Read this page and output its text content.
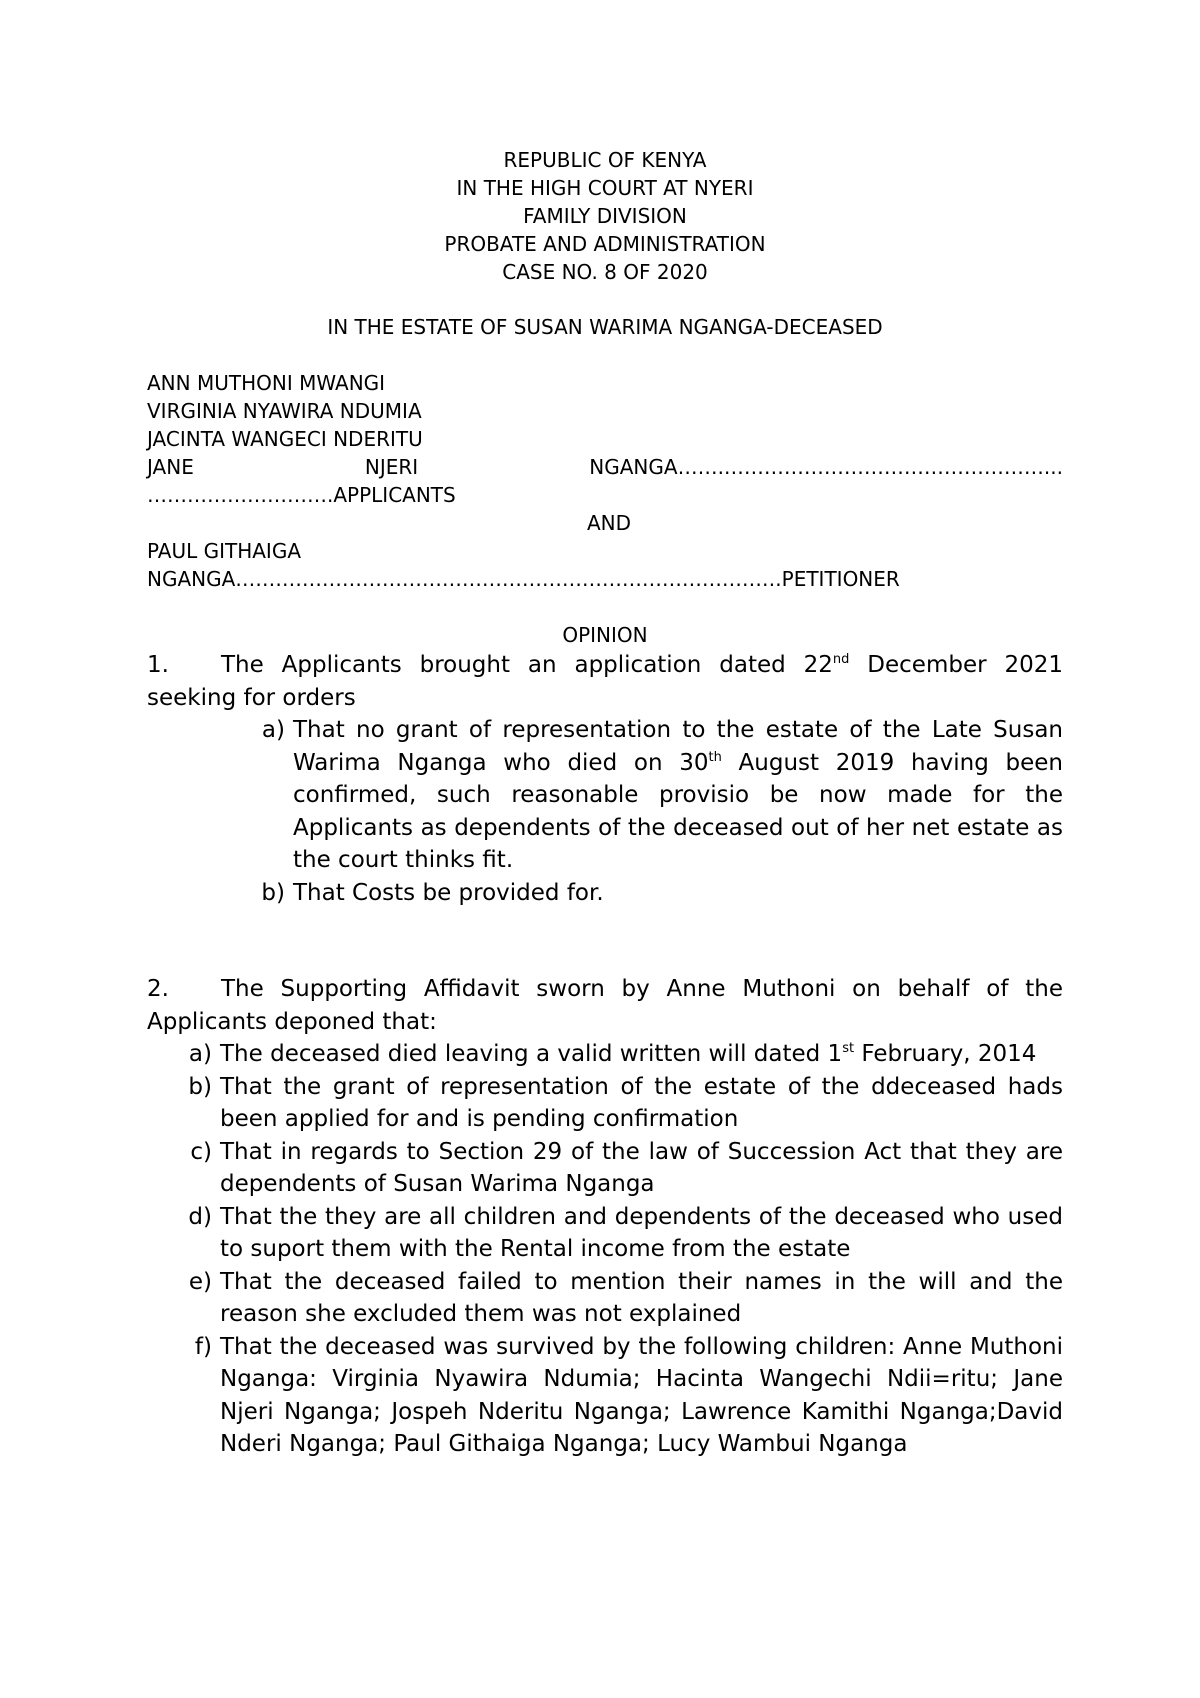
REPUBLIC OF KENYA
IN THE HIGH COURT AT NYERI
FAMILY DIVISION
PROBATE AND ADMINISTRATION
CASE NO. 8 OF 2020
IN THE ESTATE OF SUSAN WARIMA NGANGA-DECEASED
ANN MUTHONI MWANGI
VIRGINIA NYAWIRA NDUMIA
JACINTA WANGECI NDERITU
JANE	NJERI	NGANGA…….…………………………………………...
……………………….APPLICANTS
AND
PAUL GITHAIGA
NGANGA……………………………………………………………………….PETITIONER
OPINION
1. The Applicants brought an application dated 22nd December 2021 seeking for orders
a) That no grant of representation to the estate of the Late Susan Warima Nganga who died on 30th August 2019 having been confirmed, such reasonable provisio be now made for the Applicants as dependents of the deceased out of her net estate as the court thinks fit.
b) That Costs be provided for.
2. The Supporting Affidavit sworn by Anne Muthoni on behalf of the Applicants deponed that:
a) The deceased died leaving a valid written will dated 1st February, 2014
b) That the grant of representation of the estate of the ddeceased hads been applied for and is pending confirmation
c) That in regards to Section 29 of the law of Succession Act that they are dependents of Susan Warima Nganga
d) That the they are all children and dependents of the deceased who used to suport them with the Rental income from the estate
e) That the deceased failed to mention their names in the will and the reason she excluded them was not explained
f) That the deceased was survived by the following children: Anne Muthoni Nganga: Virginia Nyawira Ndumia; Hacinta Wangechi Ndii=ritu; Jane Njeri Nganga; Jospeh Nderitu Nganga; Lawrence Kamithi Nganga;David Nderi Nganga; Paul Githaiga Nganga; Lucy Wambui Nganga
